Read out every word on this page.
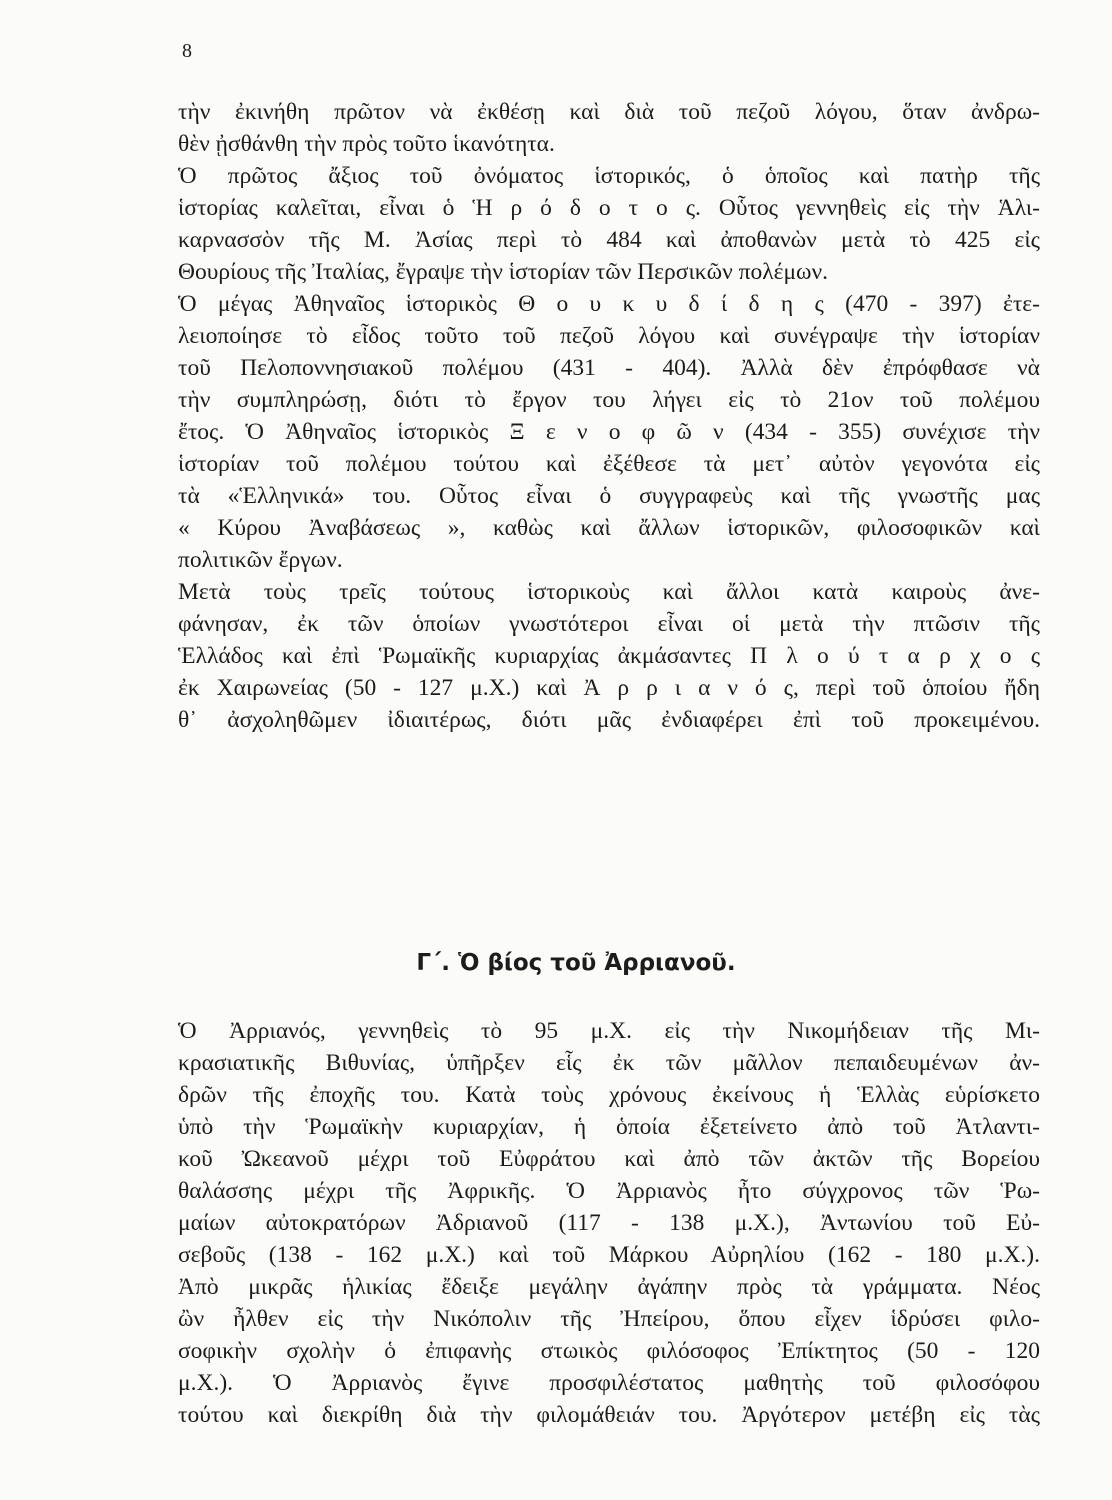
8
τὴν ἐκινήθη πρῶτον νὰ ἐκθέσῃ καὶ διὰ τοῦ πεζοῦ λόγου, ὅταν ἀνδρω-
θὲν ᾐσθάνθη τὴν πρὸς τοῦτο ἱκανότητα.
Ὁ πρῶτος ἄξιος τοῦ ὀνόματος ἱστορικός, ὁ ὁποῖος καὶ πατὴρ τῆς
ἱστορίας καλεῖται, εἶναι ὁ Ἡ ρ ό δ ο τ ο ς. Οὗτος γεννηθεὶς εἰς τὴν Ἁλι-
καρνασσὸν τῆς Μ. Ἀσίας περὶ τὸ 484 καὶ ἀποθανὼν μετὰ τὸ 425 εἰς
Θουρίους τῆς Ἰταλίας, ἔγραψε τὴν ἱστορίαν τῶν Περσικῶν πολέμων.
Ὁ μέγας Ἀθηναῖος ἱστορικὸς Θ ο υ κ υ δ ί δ η ς (470 - 397) ἐτε-
λειοποίησε τὸ εἶδος τοῦτο τοῦ πεζοῦ λόγου καὶ συνέγραψε τὴν ἱστορίαν
τοῦ Πελοποννησιακοῦ πολέμου (431 - 404). Ἀλλὰ δὲν ἐπρόφθασε νὰ
τὴν συμπληρώσῃ, διότι τὸ ἔργον του λήγει εἰς τὸ 21ον τοῦ πολέμου
ἔτος. Ὁ Ἀθηναῖος ἱστορικὸς Ξ ε ν ο φ ῶ ν (434 - 355) συνέχισε τὴν
ἱστορίαν τοῦ πολέμου τούτου καὶ ἐξέθεσε τὰ μετ᾽ αὐτὸν γεγονότα εἰς
τὰ «Ἑλληνικά» του. Οὗτος εἶναι ὁ συγγραφεὺς καὶ τῆς γνωστῆς μας
« Κύρου Ἀναβάσεως », καθὼς καὶ ἄλλων ἱστορικῶν, φιλοσοφικῶν καὶ
πολιτικῶν ἔργων.
Μετὰ τοὺς τρεῖς τούτους ἱστορικοὺς καὶ ἄλλοι κατὰ καιροὺς ἀνε-
φάνησαν, ἐκ τῶν ὁποίων γνωστότεροι εἶναι οἱ μετὰ τὴν πτῶσιν τῆς
Ἑλλάδος καὶ ἐπὶ Ῥωμαϊκῆς κυριαρχίας ἀκμάσαντες Π λ ο ύ τ α ρ χ ο ς
ἐκ Χαιρωνείας (50 - 127 μ.Χ.) καὶ Ἀ ρ ρ ι α ν ό ς, περὶ τοῦ ὁποίου ἤδη
θ᾽ ἀσχοληθῶμεν ἰδιαιτέρως, διότι μᾶς ἐνδιαφέρει ἐπὶ τοῦ προκειμένου.
Γ΄. Ὁ βίος τοῦ Ἀρριανοῦ.
Ὁ Ἀρριανός, γεννηθεὶς τὸ 95 μ.Χ. εἰς τὴν Νικομήδειαν τῆς Μι-
κρασιατικῆς Βιθυνίας, ὑπῆρξεν εἷς ἐκ τῶν μᾶλλον πεπαιδευμένων ἀν-
δρῶν τῆς ἐποχῆς του. Κατὰ τοὺς χρόνους ἐκείνους ἡ Ἑλλὰς εὑρίσκετο
ὑπὸ τὴν Ῥωμαϊκὴν κυριαρχίαν, ἡ ὁποία ἐξετείνετο ἀπὸ τοῦ Ἀτλαντι-
κοῦ Ὠκεανοῦ μέχρι τοῦ Εὐφράτου καὶ ἀπὸ τῶν ἀκτῶν τῆς Βορείου
θαλάσσης μέχρι τῆς Ἀφρικῆς. Ὁ Ἀρριανὸς ἦτο σύγχρονος τῶν Ῥω-
μαίων αὐτοκρατόρων Ἀδριανοῦ (117 - 138 μ.Χ.), Ἀντωνίου τοῦ Εὐ-
σεβοῦς (138 - 162 μ.Χ.) καὶ τοῦ Μάρκου Αὐρηλίου (162 - 180 μ.Χ.).
Ἀπὸ μικρᾶς ἡλικίας ἔδειξε μεγάλην ἀγάπην πρὸς τὰ γράμματα. Νέος
ὢν ἦλθεν εἰς τὴν Νικόπολιν τῆς Ἠπείρου, ὅπου εἶχεν ἱδρύσει φιλο-
σοφικὴν σχολὴν ὁ ἐπιφανὴς στωικὸς φιλόσοφος Ἐπίκτητος (50 - 120
μ.Χ.). Ὁ Ἀρριανὸς ἔγινε προσφιλέστατος μαθητὴς τοῦ φιλοσόφου
τούτου καὶ διεκρίθη διὰ τὴν φιλομάθειάν του. Ἀργότερον μετέβη εἰς τὰς
